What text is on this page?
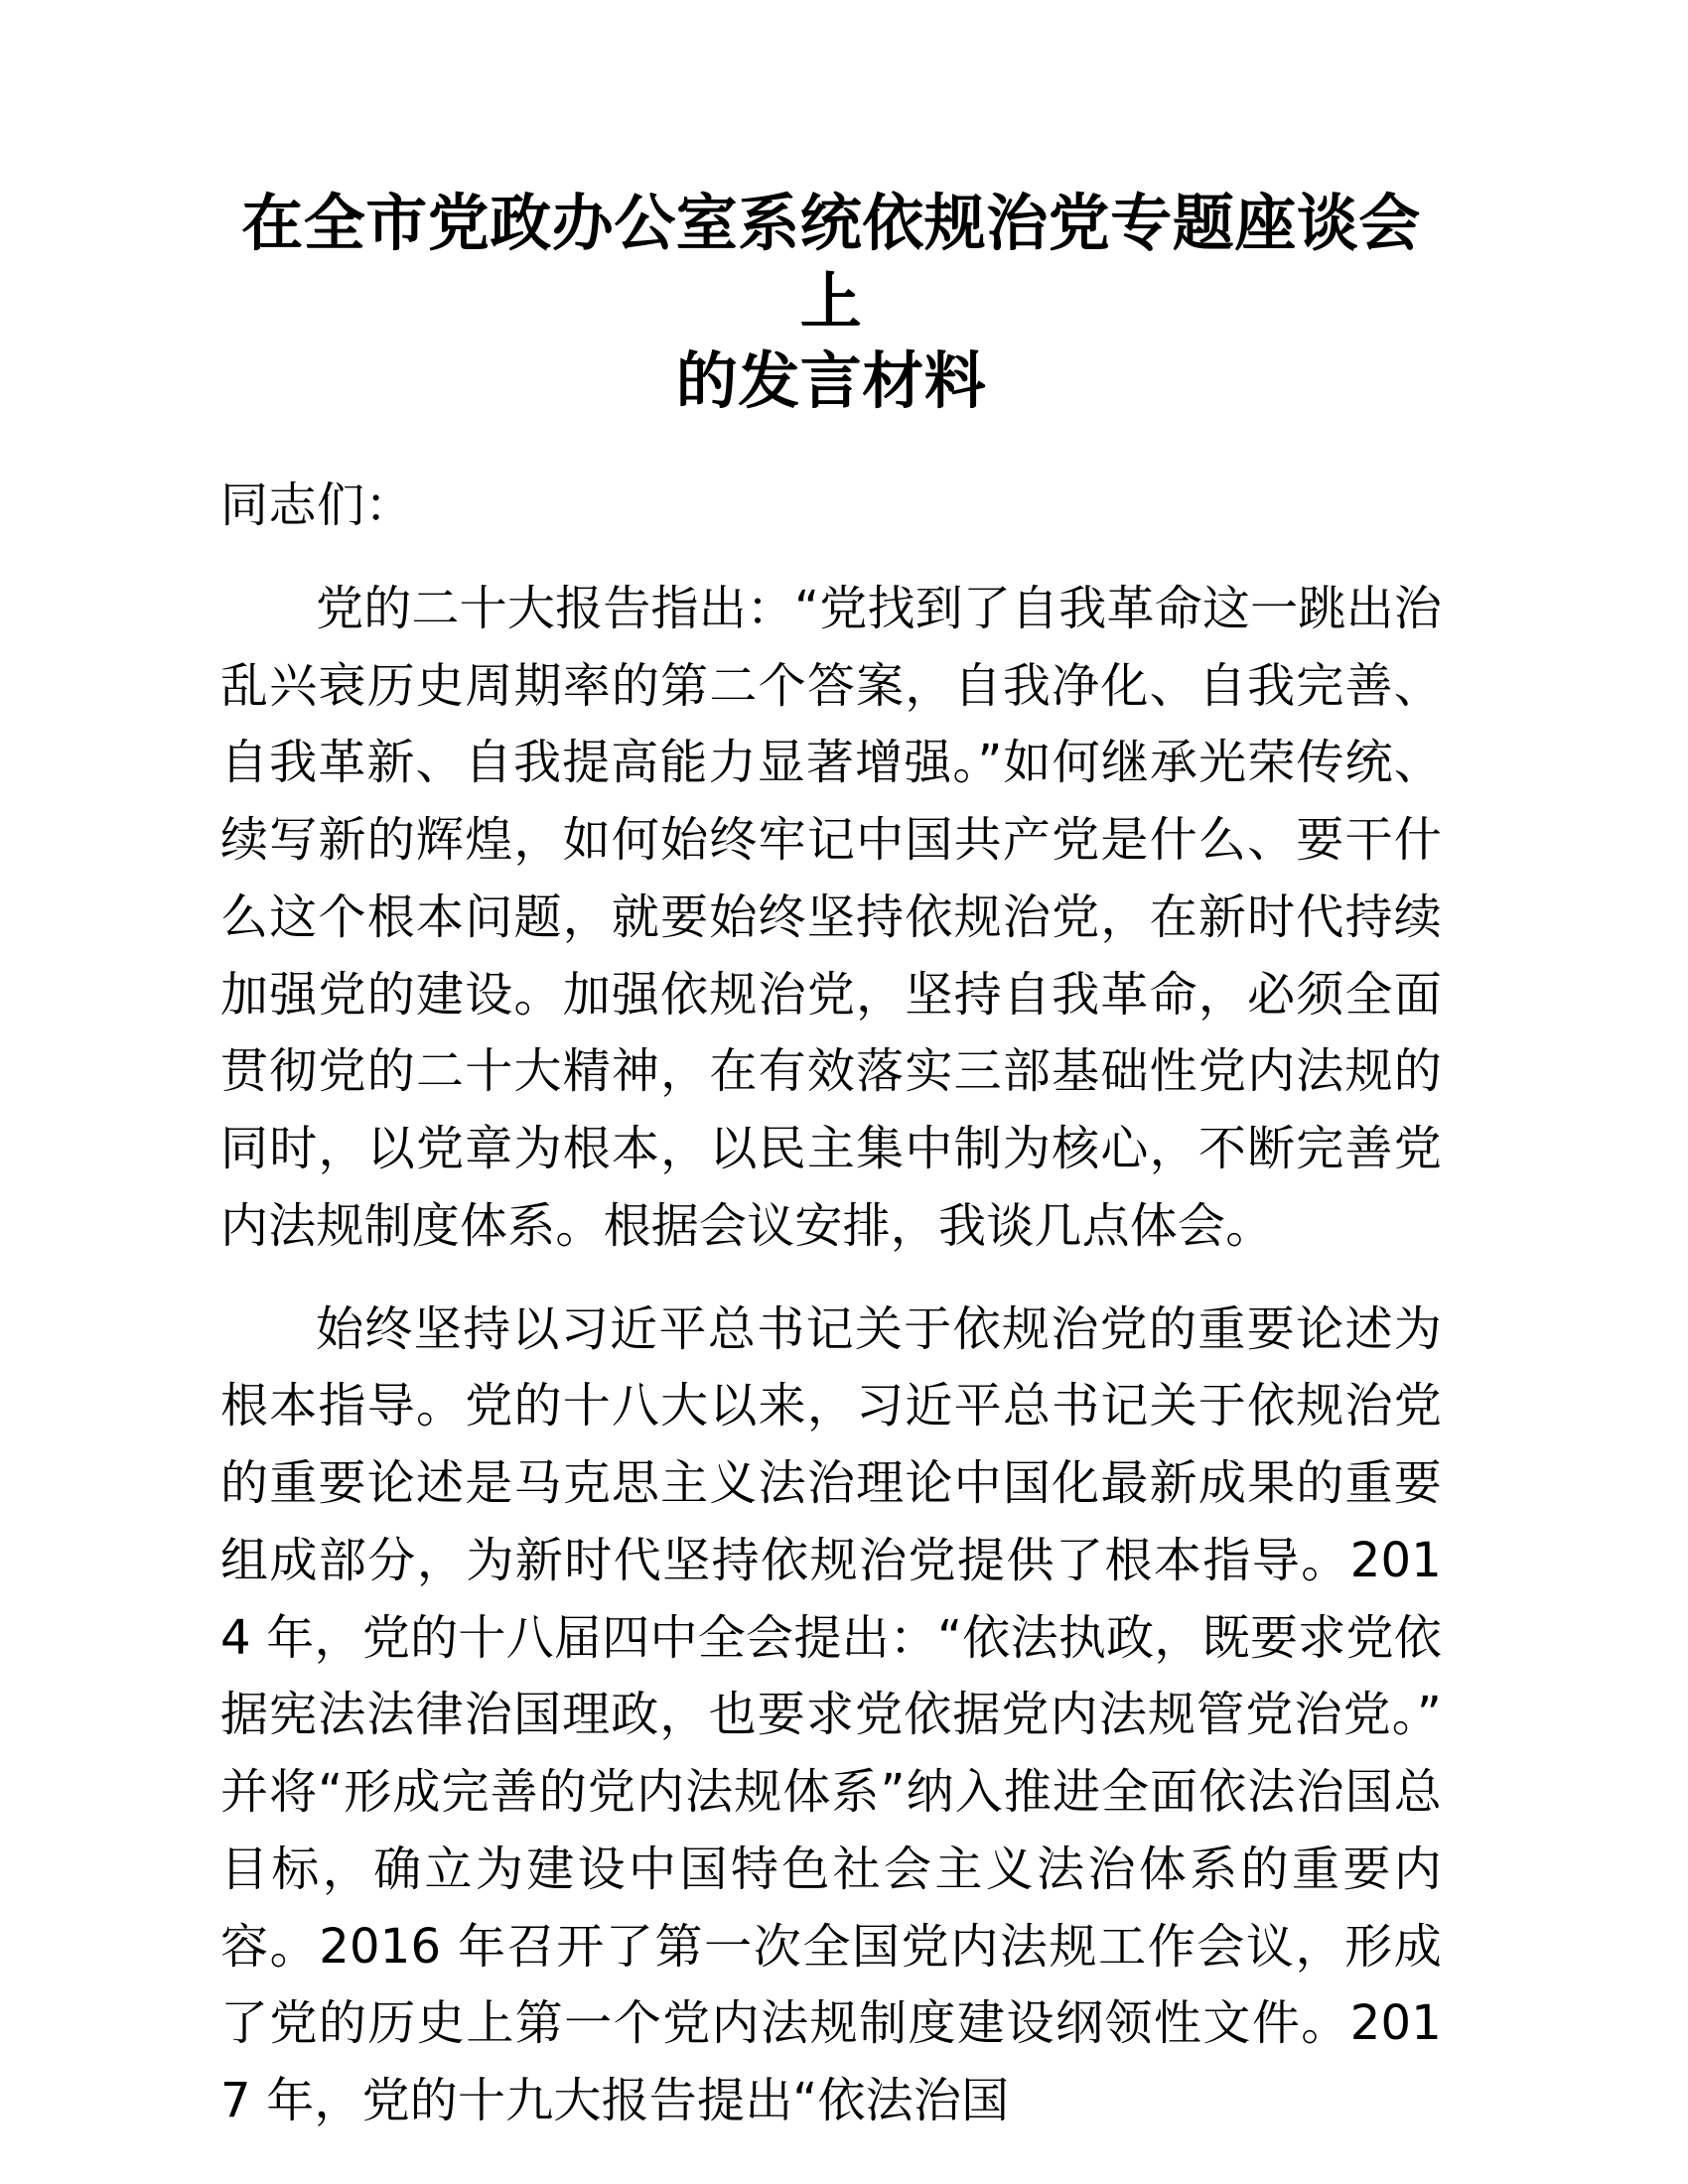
在全市党政办公室系统依规治党专题座谈会上
的发言材料

同志们：

党的二十大报告指出：“党找到了自我革命这一跳出治乱兴衰历史周期率的第二个答案，自我净化、自我完善、自我革新、自我提高能力显著增强。”如何继承光荣传统、续写新的辉煌，如何始终牢记中国共产党是什么、要干什么这个根本问题，就要始终坚持依规治党，在新时代持续加强党的建设。加强依规治党，坚持自我革命，必须全面贯彻党的二十大精神，在有效落实三部基础性党内法规的同时，以党章为根本，以民主集中制为核心，不断完善党内法规制度体系。根据会议安排，我谈几点体会。

始终坚持以习近平总书记关于依规治党的重要论述为根本指导。党的十八大以来，习近平总书记关于依规治党的重要论述是马克思主义法治理论中国化最新成果的重要组成部分，为新时代坚持依规治党提供了根本指导。2014 年，党的十八届四中全会提出：“依法执政，既要求党依据宪法法律治国理政，也要求党依据党内法规管党治党。”并将“形成完善的党内法规体系”纳入推进全面依法治国总目标，确立为建设中国特色社会主义法治体系的重要内容。2016 年召开了第一次全国党内法规工作会议，形成了党的历史上第一个党内法规制度建设纲领性文件。2017 年，党的十九大报告提出“依法治国
